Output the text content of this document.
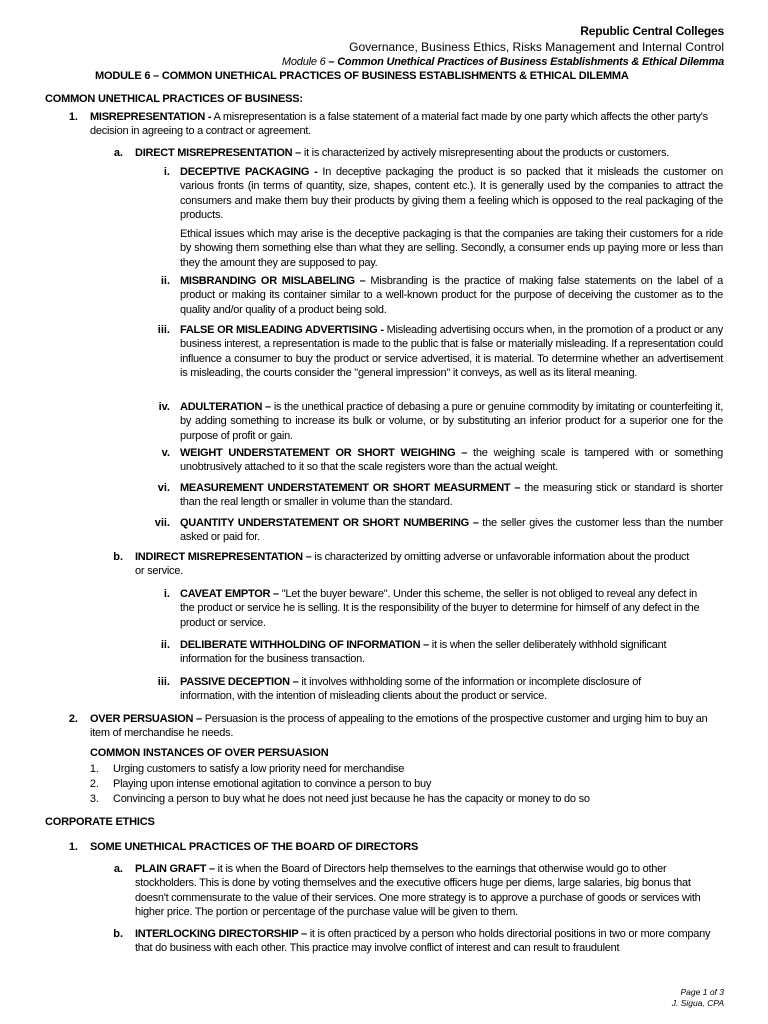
Republic Central Colleges
Governance, Business Ethics, Risks Management and Internal Control
Module 6 – Common Unethical Practices of Business Establishments & Ethical Dilemma
MODULE 6 – COMMON UNETHICAL PRACTICES OF BUSINESS ESTABLISHMENTS & ETHICAL DILEMMA
COMMON UNETHICAL PRACTICES OF BUSINESS:
1. MISREPRESENTATION - A misrepresentation is a false statement of a material fact made by one party which affects the other party's decision in agreeing to a contract or agreement.

a. DIRECT MISREPRESENTATION – it is characterized by actively misrepresenting about the products or customers.

i. DECEPTIVE PACKAGING - In deceptive packaging the product is so packed that it misleads the customer on various fronts (in terms of quantity, size, shapes, content etc.). It is generally used by the companies to attract the consumers and make them buy their products by giving them a feeling which is opposed to the real packaging of the products.

Ethical issues which may arise is the deceptive packaging is that the companies are taking their customers for a ride by showing them something else than what they are selling. Secondly, a consumer ends up paying more or less than they the amount they are supposed to pay.

ii. MISBRANDING OR MISLABELING – Misbranding is the practice of making false statements on the label of a product or making its container similar to a well-known product for the purpose of deceiving the customer as to the quality and/or quality of a product being sold.

iii. FALSE OR MISLEADING ADVERTISING - Misleading advertising occurs when, in the promotion of a product or any business interest, a representation is made to the public that is false or materially misleading. If a representation could influence a consumer to buy the product or service advertised, it is material. To determine whether an advertisement is misleading, the courts consider the "general impression" it conveys, as well as its literal meaning.

iv. ADULTERATION – is the unethical practice of debasing a pure or genuine commodity by imitating or counterfeiting it, by adding something to increase its bulk or volume, or by substituting an inferior product for a superior one for the purpose of profit or gain.

v. WEIGHT UNDERSTATEMENT OR SHORT WEIGHING – the weighing scale is tampered with or something unobtrusively attached to it so that the scale registers wore than the actual weight.

vi. MEASUREMENT UNDERSTATEMENT OR SHORT MEASURMENT – the measuring stick or standard is shorter than the real length or smaller in volume than the standard.

vii. QUANTITY UNDERSTATEMENT OR SHORT NUMBERING – the seller gives the customer less than the number asked or paid for.

b. INDIRECT MISREPRESENTATION – is characterized by omitting adverse or unfavorable information about the product or service.

i. CAVEAT EMPTOR – "Let the buyer beware". Under this scheme, the seller is not obliged to reveal any defect in the product or service he is selling. It is the responsibility of the buyer to determine for himself of any defect in the product or service.

ii. DELIBERATE WITHHOLDING OF INFORMATION – it is when the seller deliberately withhold significant information for the business transaction.

iii. PASSIVE DECEPTION – it involves withholding some of the information or incomplete disclosure of information, with the intention of misleading clients about the product or service.

2. OVER PERSUASION – Persuasion is the process of appealing to the emotions of the prospective customer and urging him to buy an item of merchandise he needs.

COMMON INSTANCES OF OVER PERSUASION
1. Urging customers to satisfy a low priority need for merchandise
2. Playing upon intense emotional agitation to convince a person to buy
3. Convincing a person to buy what he does not need just because he has the capacity or money to do so
CORPORATE ETHICS
1. SOME UNETHICAL PRACTICES OF THE BOARD OF DIRECTORS
a. PLAIN GRAFT – it is when the Board of Directors help themselves to the earnings that otherwise would go to other stockholders. This is done by voting themselves and the executive officers huge per diems, large salaries, big bonus that doesn't commensurate to the value of their services. One more strategy is to approve a purchase of goods or services with higher price. The portion or percentage of the purchase value will be given to them.

b. INTERLOCKING DIRECTORSHIP – it is often practiced by a person who holds directorial positions in two or more company that do business with each other. This practice may involve conflict of interest and can result to fraudulent

Page 1 of 3
J. Sigua, CPA
